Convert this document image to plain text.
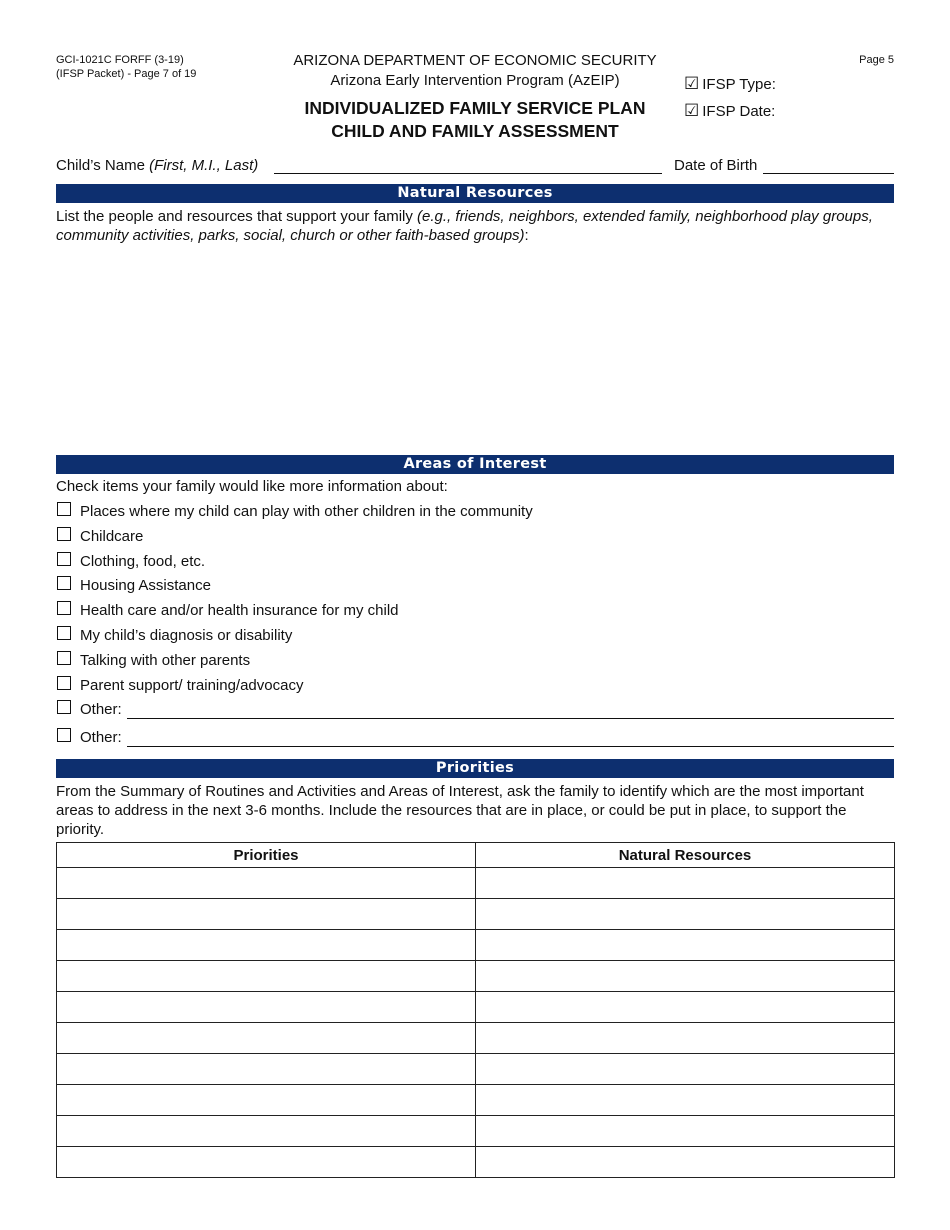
GCI-1021C FORFF (3-19)
(IFSP Packet) - Page 7 of 19
Page 5
ARIZONA DEPARTMENT OF ECONOMIC SECURITY
Arizona Early Intervention Program (AzEIP)
INDIVIDUALIZED FAMILY SERVICE PLAN
CHILD AND FAMILY ASSESSMENT
☑ IFSP Type:
☑ IFSP Date:
Child’s Name (First, M.I., Last)	Date of Birth
Natural Resources
List the people and resources that support your family (e.g., friends, neighbors, extended family, neighborhood play groups, community activities, parks, social, church or other faith-based groups):
Areas of Interest
Check items your family would like more information about:
Places where my child can play with other children in the community
Childcare
Clothing, food, etc.
Housing Assistance
Health care and/or health insurance for my child
My child’s diagnosis or disability
Talking with other parents
Parent support/ training/advocacy
Other:
Other:
Priorities
From the Summary of Routines and Activities and Areas of Interest, ask the family to identify which are the most important areas to address in the next 3-6 months. Include the resources that are in place, or could be put in place, to support the priority.
Priorities	Natural Resources
